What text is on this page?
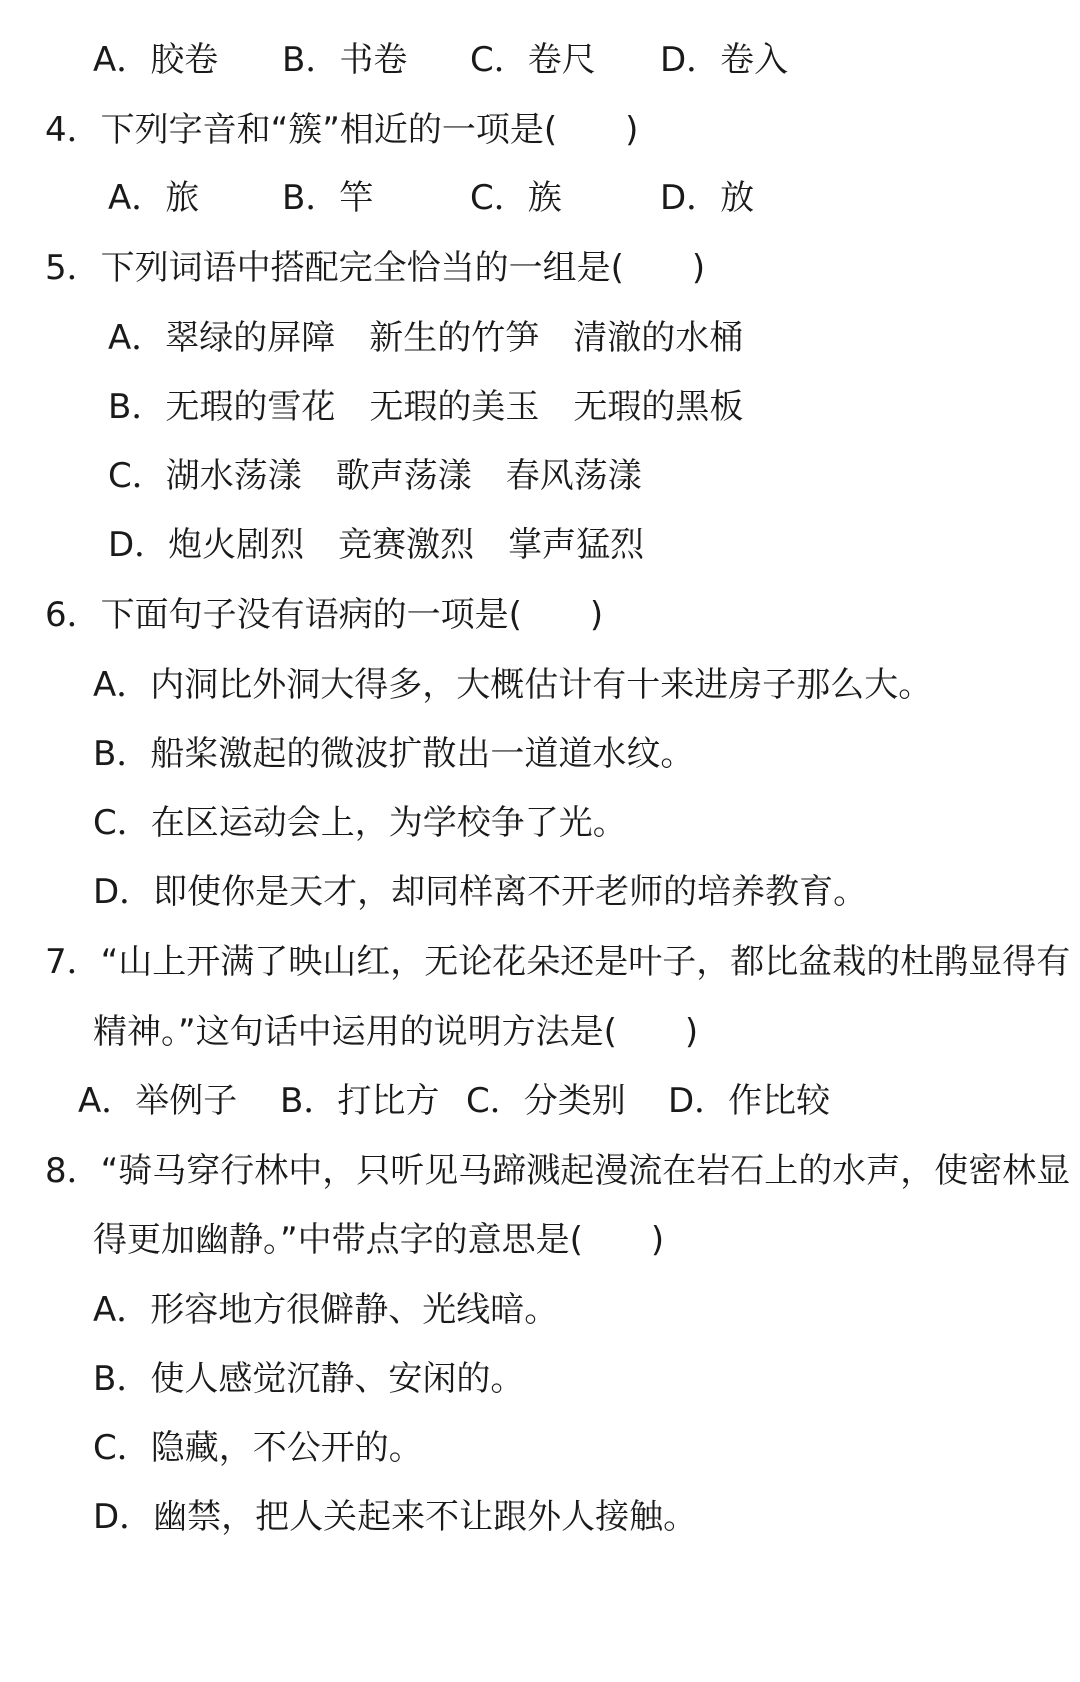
A．胶卷 B．书卷 C．卷尺 D．卷入
4．下列字音和“簇”相近的一项是(　　)
A．旅 B．竿	C．族	D．放
5．下列词语中搭配完全恰当的一组是(　　)
A．翠绿的屏障　新生的竹笋　清澈的水桶
B．无瑕的雪花　无瑕的美玉　无瑕的黑板
C．湖水荡漾　歌声荡漾　春风荡漾
D．炮火剧烈　竞赛激烈　掌声猛烈
6．下面句子没有语病的一项是(　　)
A．内洞比外洞大得多，大概估计有十来进房子那么大。
B．船桨激起的微波扩散出一道道水纹。
C．在区运动会上，为学校争了光。
D．即使你是天才，却同样离不开老师的培养教育。
7．“山上开满了映山红，无论花朵还是叶子，都比盆栽的杜鹃显得有
精神。”这句话中运用的说明方法是(　　)
A．举例子 B．打比方 C．分类别 D．作比较
8．“骑马穿行林中，只听见马蹄溅起漫流在岩石上的水声，使密林显
得更加幽静。”中带点字的意思是(　　)
A．形容地方很僻静、光线暗。
B．使人感觉沉静、安闲的。
C．隐藏，不公开的。
D．幽禁，把人关起来不让跟外人接触。
